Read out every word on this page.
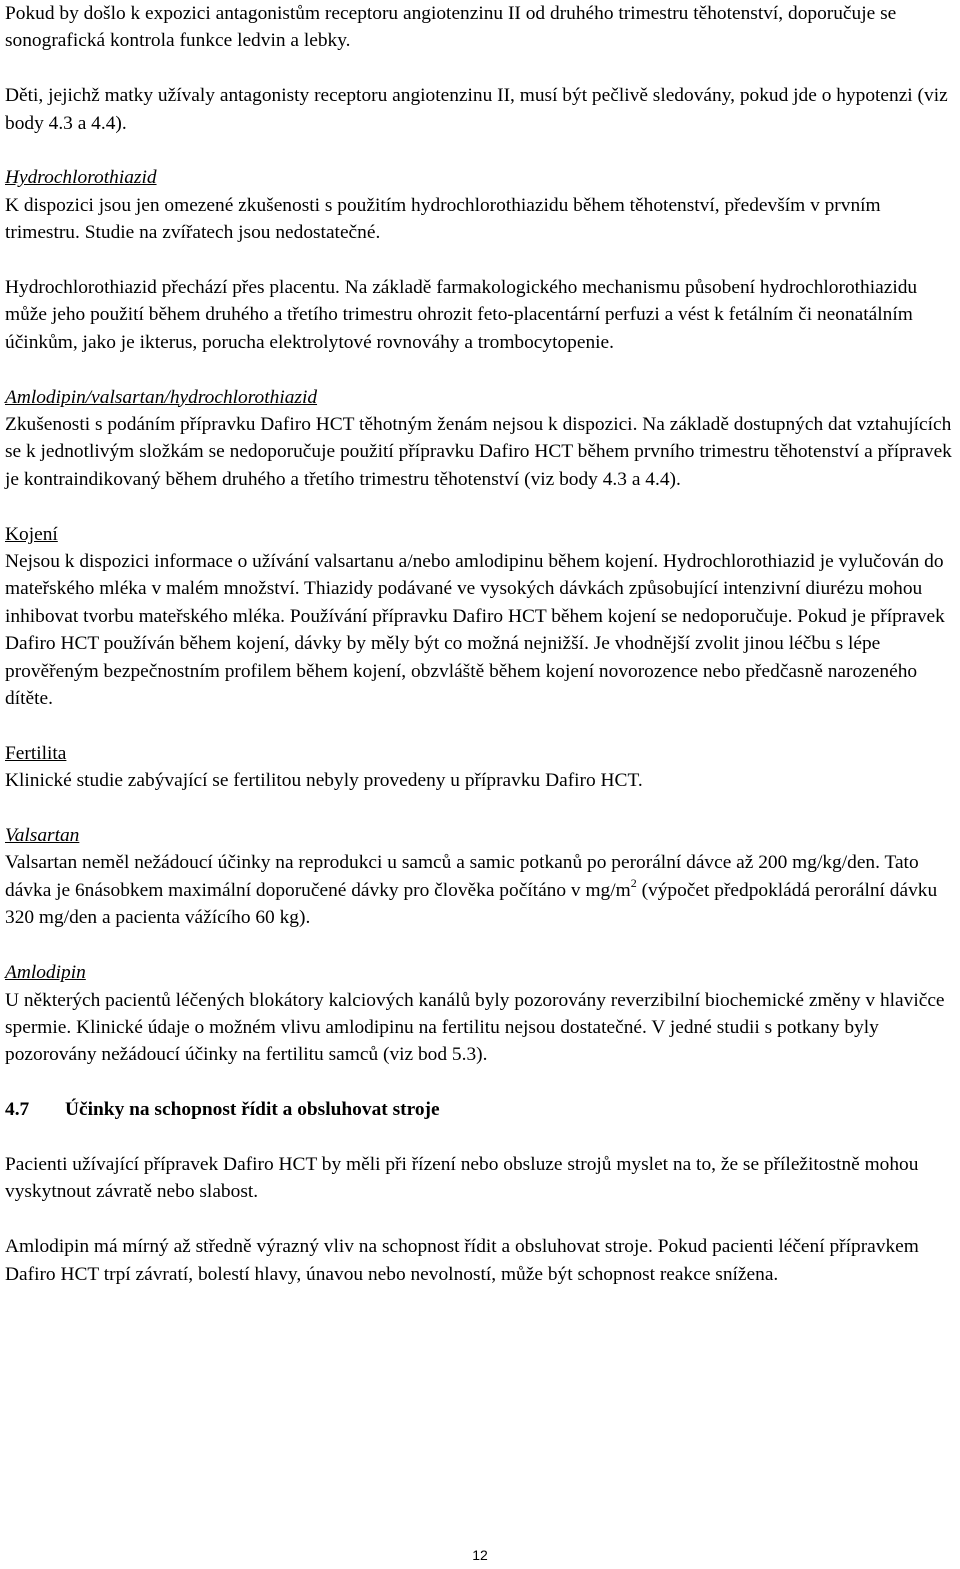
Pokud by došlo k expozici antagonistům receptoru angiotenzinu II od druhého trimestru těhotenství, doporučuje se sonografická kontrola funkce ledvin a lebky.

Děti, jejichž matky užívaly antagonisty receptoru angiotenzinu II, musí být pečlivě sledovány, pokud jde o hypotenzi (viz body 4.3 a 4.4).

Hydrochlorothiazid

K dispozici jsou jen omezené zkušenosti s použitím hydrochlorothiazidu během těhotenství, především v prvním trimestru. Studie na zvířatech jsou nedostatečné.

Hydrochlorothiazid přechází přes placentu. Na základě farmakologického mechanismu působení hydrochlorothiazidu může jeho použití během druhého a třetího trimestru ohrozit feto-placentární perfuzi a vést k fetálním či neonatálním účinkům, jako je ikterus, porucha elektrolytové rovnováhy a trombocytopenie.

Amlodipin/valsartan/hydrochlorothiazid

Zkušenosti s podáním přípravku Dafiro HCT těhotným ženám nejsou k dispozici. Na základě dostupných dat vztahujících se k jednotlivým složkám se nedoporučuje použití přípravku Dafiro HCT během prvního trimestru těhotenství a přípravek je kontraindikovaný během druhého a třetího trimestru těhotenství (viz body 4.3 a 4.4).

Kojení

Nejsou k dispozici informace o užívání valsartanu a/nebo amlodipinu během kojení. Hydrochlorothiazid je vylučován do mateřského mléka v malém množství. Thiazidy podávané ve vysokých dávkách způsobující intenzivní diurézu mohou inhibovat tvorbu mateřského mléka. Používání přípravku Dafiro HCT během kojení se nedoporučuje. Pokud je přípravek Dafiro HCT používán během kojení, dávky by měly být co možná nejnižší. Je vhodnější zvolit jinou léčbu s lépe prověřeným bezpečnostním profilem během kojení, obzvláště během kojení novorozence nebo předčasně narozeného dítěte.

Fertilita

Klinické studie zabývající se fertilitou nebyly provedeny u přípravku Dafiro HCT.

Valsartan

Valsartan neměl nežádoucí účinky na reprodukci u samců a samic potkanů po perorální dávce až 200 mg/kg/den. Tato dávka je 6násobkem maximální doporučené dávky pro člověka počítáno v $mg/m^2$ (výpočet předpokládá perorální dávku 320 mg/den a pacienta vážícího 60 kg).

Amlodipin

U některých pacientů léčených blokátory kalciových kanálů byly pozorovány reverzibilní biochemické změny v hlavičce spermie. Klinické údaje o možném vlivu amlodipinu na fertilitu nejsou dostatečné. V jedné studii s potkany byly pozorovány nežádoucí účinky na fertilitu samců (viz bod 5.3).

4.7	Účinky na schopnost řídit a obsluhovat stroje

Pacienti užívající přípravek Dafiro HCT by měli při řízení nebo obsluze strojů myslet na to, že se příležitostně mohou vyskytnout závratě nebo slabost.

Amlodipin má mírný až středně výrazný vliv na schopnost řídit a obsluhovat stroje. Pokud pacienti léčení přípravkem Dafiro HCT trpí závratí, bolestí hlavy, únavou nebo nevolností, může být schopnost reakce snížena.

12
